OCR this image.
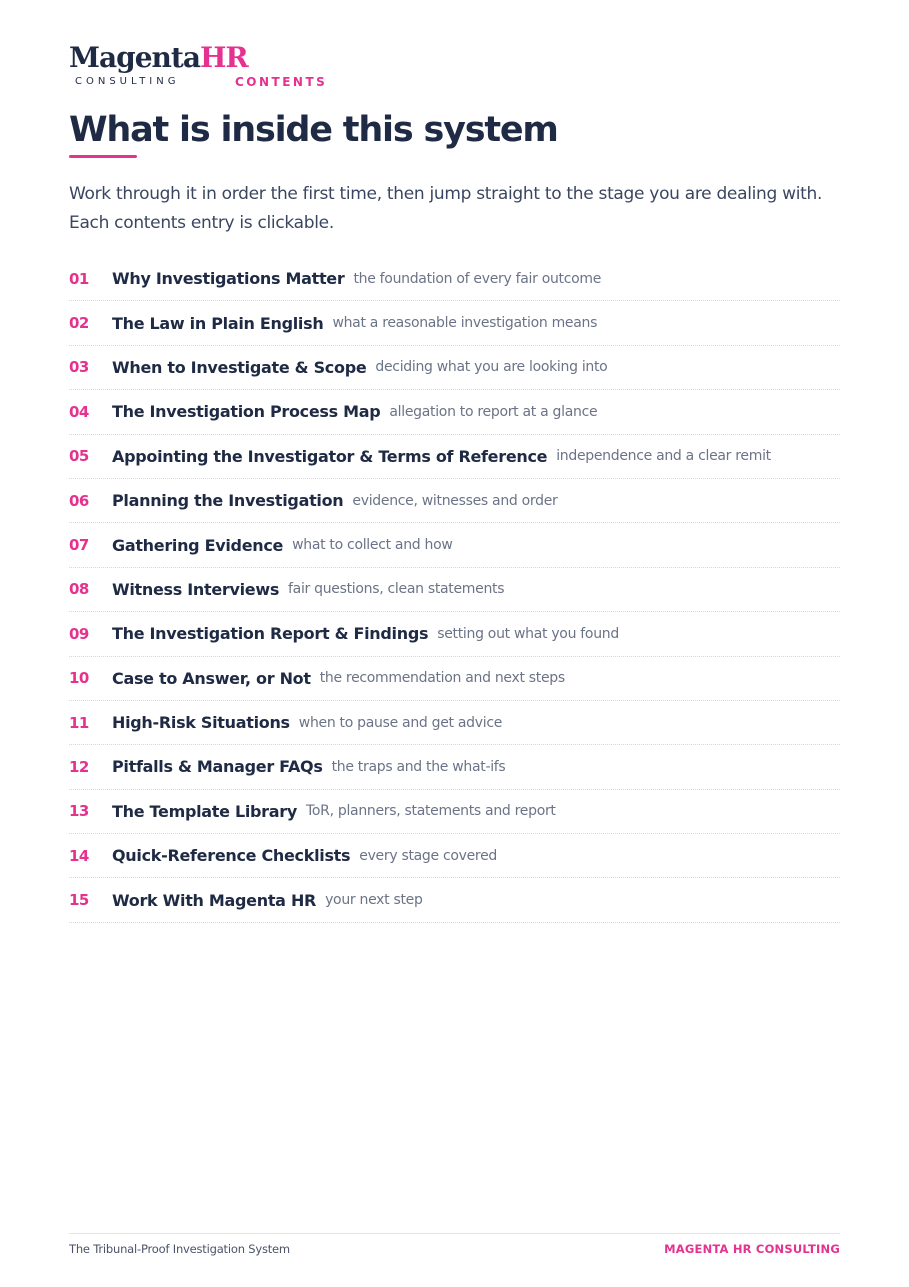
MagentaHR
CONSULTING	CONTENTS
What is inside this system

Work through it in order the first time, then jump straight to the stage you are dealing with.

Each contents entry is clickable.

01	Why Investigations Matter the foundation of every fair outcome
02	The Law in Plain English what a reasonable investigation means
03	When to Investigate & Scope deciding what you are looking into
04	The Investigation Process Map allegation to report at a glance
05	Appointing the Investigator & Terms of Reference independence and a clear remit
06	Planning the Investigation evidence, witnesses and order
07	Gathering Evidence what to collect and how
08	Witness Interviews fair questions, clean statements
09	The Investigation Report & Findings setting out what you found
10	Case to Answer, or Not the recommendation and next steps
11	High-Risk Situations when to pause and get advice
12	Pitfalls & Manager FAQs the traps and the what-ifs
13	The Template Library ToR, planners, statements and report
14	Quick-Reference Checklists every stage covered
15	Work With Magenta HR your next step
The Tribunal-Proof Investigation System	MAGENTA HR CONSULTING
